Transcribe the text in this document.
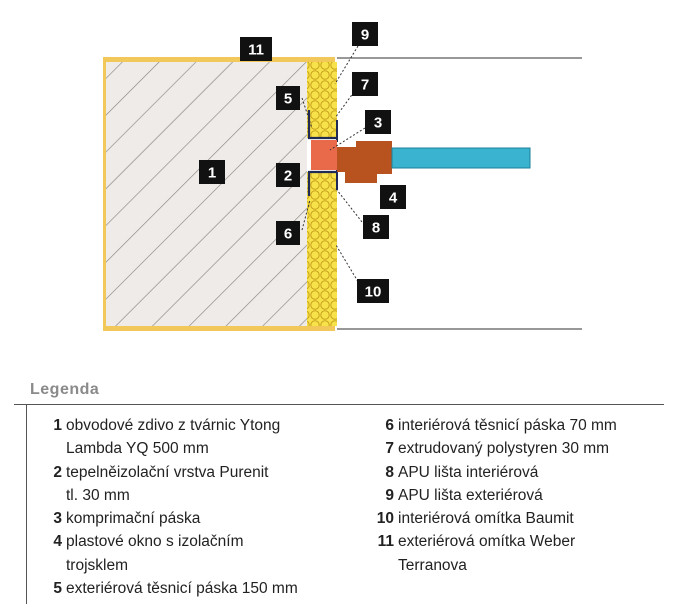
9
11
5
7
3
1	2
4
8
6
10
Legenda
1 obvodové zdivo z tvárnic Ytong
Lambda YQ 500 mm
2 tepelněizolační vrstva Purenit
tl. 30 mm
3 komprimační páska
4 plastové okno s izolačním
trojsklem
5 exteriérová těsnicí páska 150 mm
6 interiérová těsnicí páska 70 mm
7 extrudovaný polystyren 30 mm
8 APU lišta interiérová
9 APU lišta exteriérová
10 interiérová omítka Baumit
11 exteriérová omítka Weber
Terranova
